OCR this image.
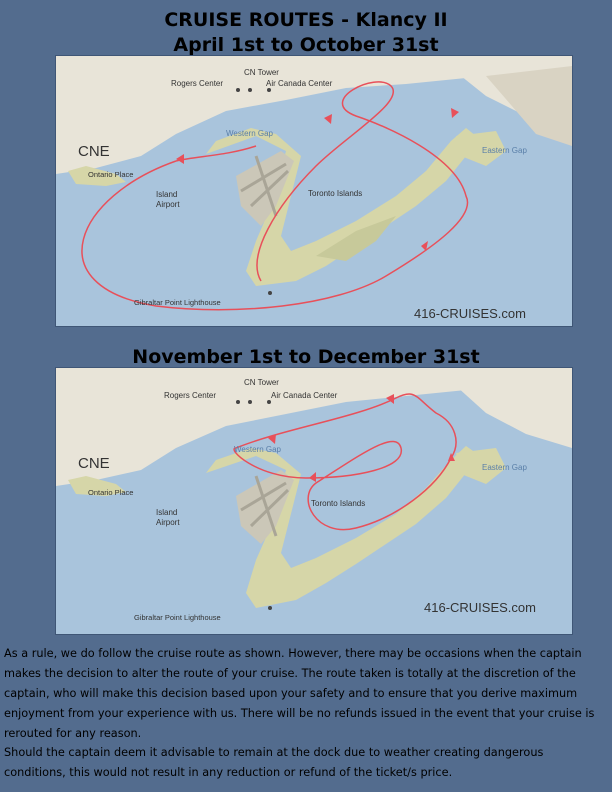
CRUISE ROUTES - Klancy II
April 1st to October 31st
CN Tower
Rogers Center	Air Canada Center
CNE
Ontario Place
Western Gap
Eastern Gap
Toronto Islands
Island
Airport
Gibraltar Point Lighthouse
416-CRUISES.com
November 1st to December 31st
CN Tower
Rogers Center	Air Canada Center
CNE
Ontario Place
Western Gap
Eastern Gap
Toronto Islands
Island
Airport
Gibraltar Point Lighthouse
416-CRUISES.com
As a rule, we do follow the cruise route as shown. However, there may be occasions when the captain makes the decision to alter the route of your cruise. The route taken is totally at the discretion of the captain, who will make this decision based upon your safety and to ensure that you derive maximum enjoyment from your experience with us. There will be no refunds issued in the event that your cruise is rerouted for any reason.
Should the captain deem it advisable to remain at the dock due to weather creating dangerous conditions, this would not result in any reduction or refund of the ticket/s price.
